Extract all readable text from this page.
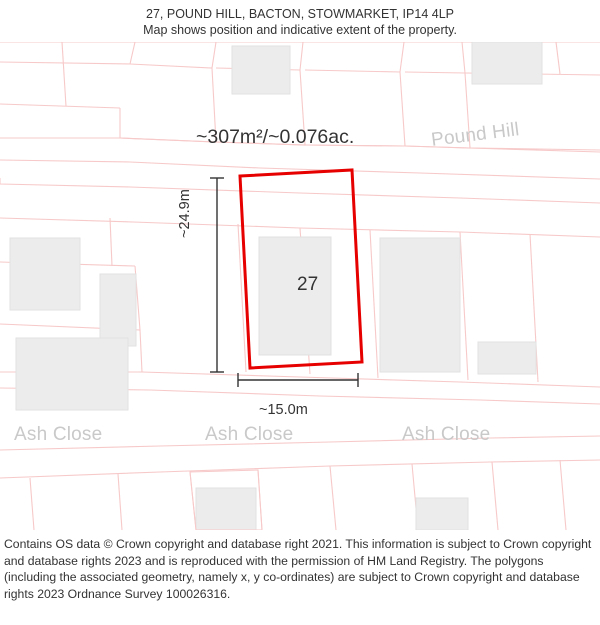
27, POUND HILL, BACTON, STOWMARKET, IP14 4LP
Map shows position and indicative extent of the property.
~307m²/~0.076ac.
27
~24.9m
~15.0m
Pound Hill
Ash Close	Ash Close	Ash Close

Contains OS data © Crown copyright and database right 2021. This information is subject to Crown copyright and database rights 2023 and is reproduced with the permission of HM Land Registry. The polygons (including the associated geometry, namely x, y co-ordinates) are subject to Crown copyright and database rights 2023 Ordnance Survey 100026316.
